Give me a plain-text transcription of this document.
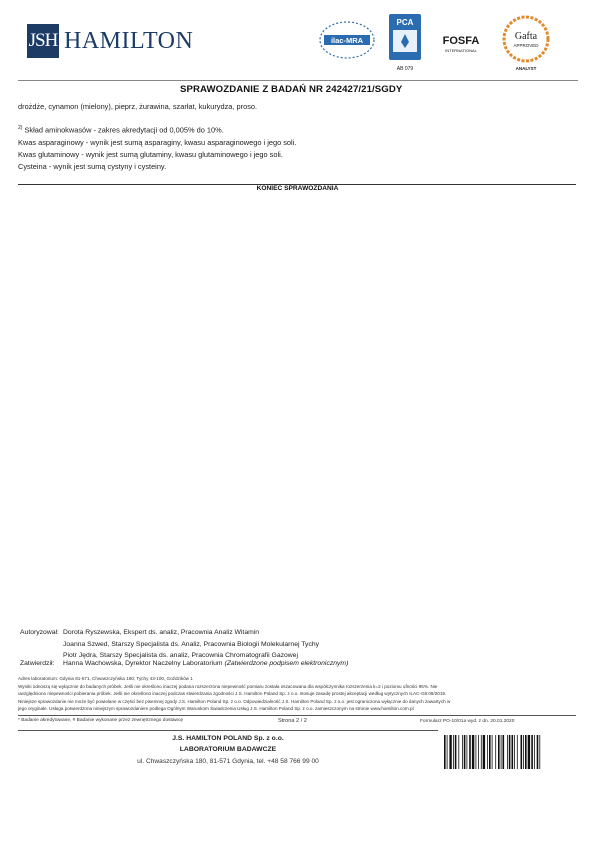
JSH HAMILTON	ilac-MRA
PCA
AB 079
FOSFA
INTERNATIONAL
Gafta
APPROVED
ANALYST
SPRAWOZDANIE Z BADAŃ NR 242427/21/SGDY
drożdże, cynamon (mielony), pieprz, żurawina, szarłat, kukurydza, proso.
$^{2)}$ Skład aminokwasów - zakres akredytacji od 0,005% do 10%.
Kwas asparaginowy - wynik jest sumą asparaginy, kwasu asparaginowego i jego soli.
Kwas glutaminowy - wynik jest sumą glutaminy, kwasu glutaminowego i jego soli.
Cysteina - wynik jest sumą cystyny i cysteiny.
KONIEC SPRAWOZDANIA
Autoryzował: Dorota Ryszewska, Ekspert ds. analiz, Pracownia Analiz Witamin
Joanna Szwed, Starszy Specjalista ds. Analiz, Pracownia Biologii Molekularnej Tychy
Piotr Jędra, Starszy Specjalista ds. analiz, Pracownia Chromatografii Gazowej
Zatwierdził: Hanna Wachowska, Dyrektor Naczelny Laboratorium (Zatwierdzone podpisem elektronicznym)
Adres laboratorium: Gdynia 81-571, Chwaszczyńska 180; Tychy 43-100, Goździków 1
Wyniki odnoszą się wyłącznie do badanych próbek. Jeśli nie określono inaczej podana rozszerzona niepewność pomiaru została oszacowana dla współczynnika rozszerzenia k=2 i poziomu ufności 95%. Nie
uwzględniono niepewności pobierania próbek. Jeśli nie określono inaczej podczas stwierdzania zgodności J.S. Hamilton Poland Sp. z o.o. stosuje zasadę prostej akceptacji według wytycznych ILAC-G8:09/2019.
Niniejsze sprawozdanie nie może być powielane w części bez pisemnej zgody J.S. Hamilton Poland Sp. z o.o. Odpowiedzialność J.S. Hamilton Poland Sp. z o.o. jest ograniczona wyłącznie do danych zawartych w
jego oryginale. Usługa potwierdzona niniejszym sprawozdaniem podlega Ogólnym Warunkom Świadczenia Usług J.S. Hamilton Poland Sp. z o.o. zamieszczonym na stronie www.hamilton.com.pl
* Badanie akredytowane, # Badanie wykonane przez zewnętrznego dostawcę	Strona 2 / 2	Formularz PO-10/01a wyd. z dn. 20.01.2020
J.S. HAMILTON POLAND Sp. z o.o.
LABORATORIUM BADAWCZE
ul. Chwaszczyńska 180, 81-571 Gdynia, tel. +48 58 766 99 00
